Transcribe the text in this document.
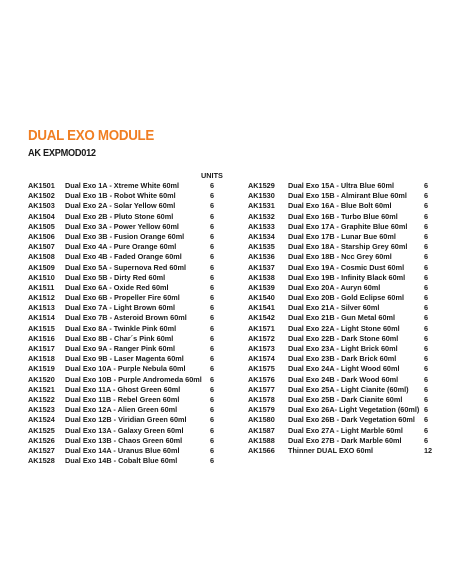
DUAL EXO MODULE
AK EXPMOD012
UNITS
AK1501 Dual Exo 1A - Xtreme White 60ml	6
AK1502 Dual Exo 1B - Robot White 60ml	6
AK1503 Dual Exo 2A - Solar Yellow 60ml	6
AK1504 Dual Exo 2B - Pluto Stone 60ml	6
AK1505 Dual Exo 3A - Power Yellow 60ml	6
AK1506 Dual Exo 3B - Fusion Orange 60ml	6
AK1507 Dual Exo 4A - Pure Orange 60ml	6
AK1508 Dual Exo 4B - Faded Orange 60ml	6
AK1509 Dual Exo 5A - Supernova Red 60ml	6
AK1510 Dual Exo 5B - Dirty Red 60ml	6
AK1511 Dual Exo 6A - Oxide Red 60ml	6
AK1512 Dual Exo 6B - Propeller Fire 60ml	6
AK1513 Dual Exo 7A - Light Brown 60ml	6
AK1514 Dual Exo 7B - Asteroid Brown 60ml	6
AK1515 Dual Exo 8A - Twinkle Pink 60ml	6
AK1516 Dual Exo 8B - Char´s Pink 60ml	6
AK1517 Dual Exo 9A - Ranger Pink 60ml	6
AK1518 Dual Exo 9B - Laser Magenta 60ml	6
AK1519 Dual Exo 10A - Purple Nebula 60ml	6
AK1520 Dual Exo 10B - Purple Andromeda 60ml 6
AK1521 Dual Exo 11A - Ghost Green 60ml	6
AK1522 Dual Exo 11B - Rebel Green 60ml	6
AK1523 Dual Exo 12A - Alien Green 60ml	6
AK1524 Dual Exo 12B - Viridian Green 60ml	6
AK1525 Dual Exo 13A - Galaxy Green 60ml	6
AK1526 Dual Exo 13B - Chaos Green 60ml	6
AK1527 Dual Exo 14A - Uranus Blue 60ml	6
AK1528 Dual Exo 14B - Cobalt Blue 60ml	6
AK1529 Dual Exo 15A - Ultra Blue 60ml	6
AK1530 Dual Exo 15B - Almirant Blue 60ml 6
AK1531 Dual Exo 16A - Blue Bolt 60ml	6
AK1532 Dual Exo 16B - Turbo Blue 60ml	6
AK1533 Dual Exo 17A - Graphite Blue 60ml 6
AK1534 Dual Exo 17B - Lunar Bue 60ml	6
AK1535 Dual Exo 18A - Starship Grey 60ml 6
AK1536 Dual Exo 18B - Ncc Grey 60ml	6
AK1537 Dual Exo 19A - Cosmic Dust 60ml	6
AK1538 Dual Exo 19B - Infinity Black 60ml	6
AK1539 Dual Exo 20A - Auryn 60ml	6
AK1540 Dual Exo 20B - Gold Eclipse 60ml	6
AK1541 Dual Exo 21A - Silver 60ml	6
AK1542 Dual Exo 21B - Gun Metal 60ml	6
AK1571 Dual Exo 22A - Light Stone 60ml	6
AK1572 Dual Exo 22B - Dark Stone 60ml	6
AK1573 Dual Exo 23A - Light Brick 60ml	6
AK1574 Dual Exo 23B - Dark Brick 60ml	6
AK1575 Dual Exo 24A - Light Wood 60ml	6
AK1576 Dual Exo 24B - Dark Wood 60ml	6
AK1577 Dual Exo 25A - Light Cianite (60ml) 6
AK1578 Dual Exo 25B - Dark Cianite 60ml	6
AK1579 Dual Exo 26A- Light Vegetation (60ml) 6
AK1580 Dual Exo 26B - Dark Vegetation 60ml 6
AK1587 Dual Exo 27A - Light Marble 60ml	6
AK1588 Dual Exo 27B - Dark Marble 60ml	6
AK1566 Thinner DUAL EXO 60ml	12
